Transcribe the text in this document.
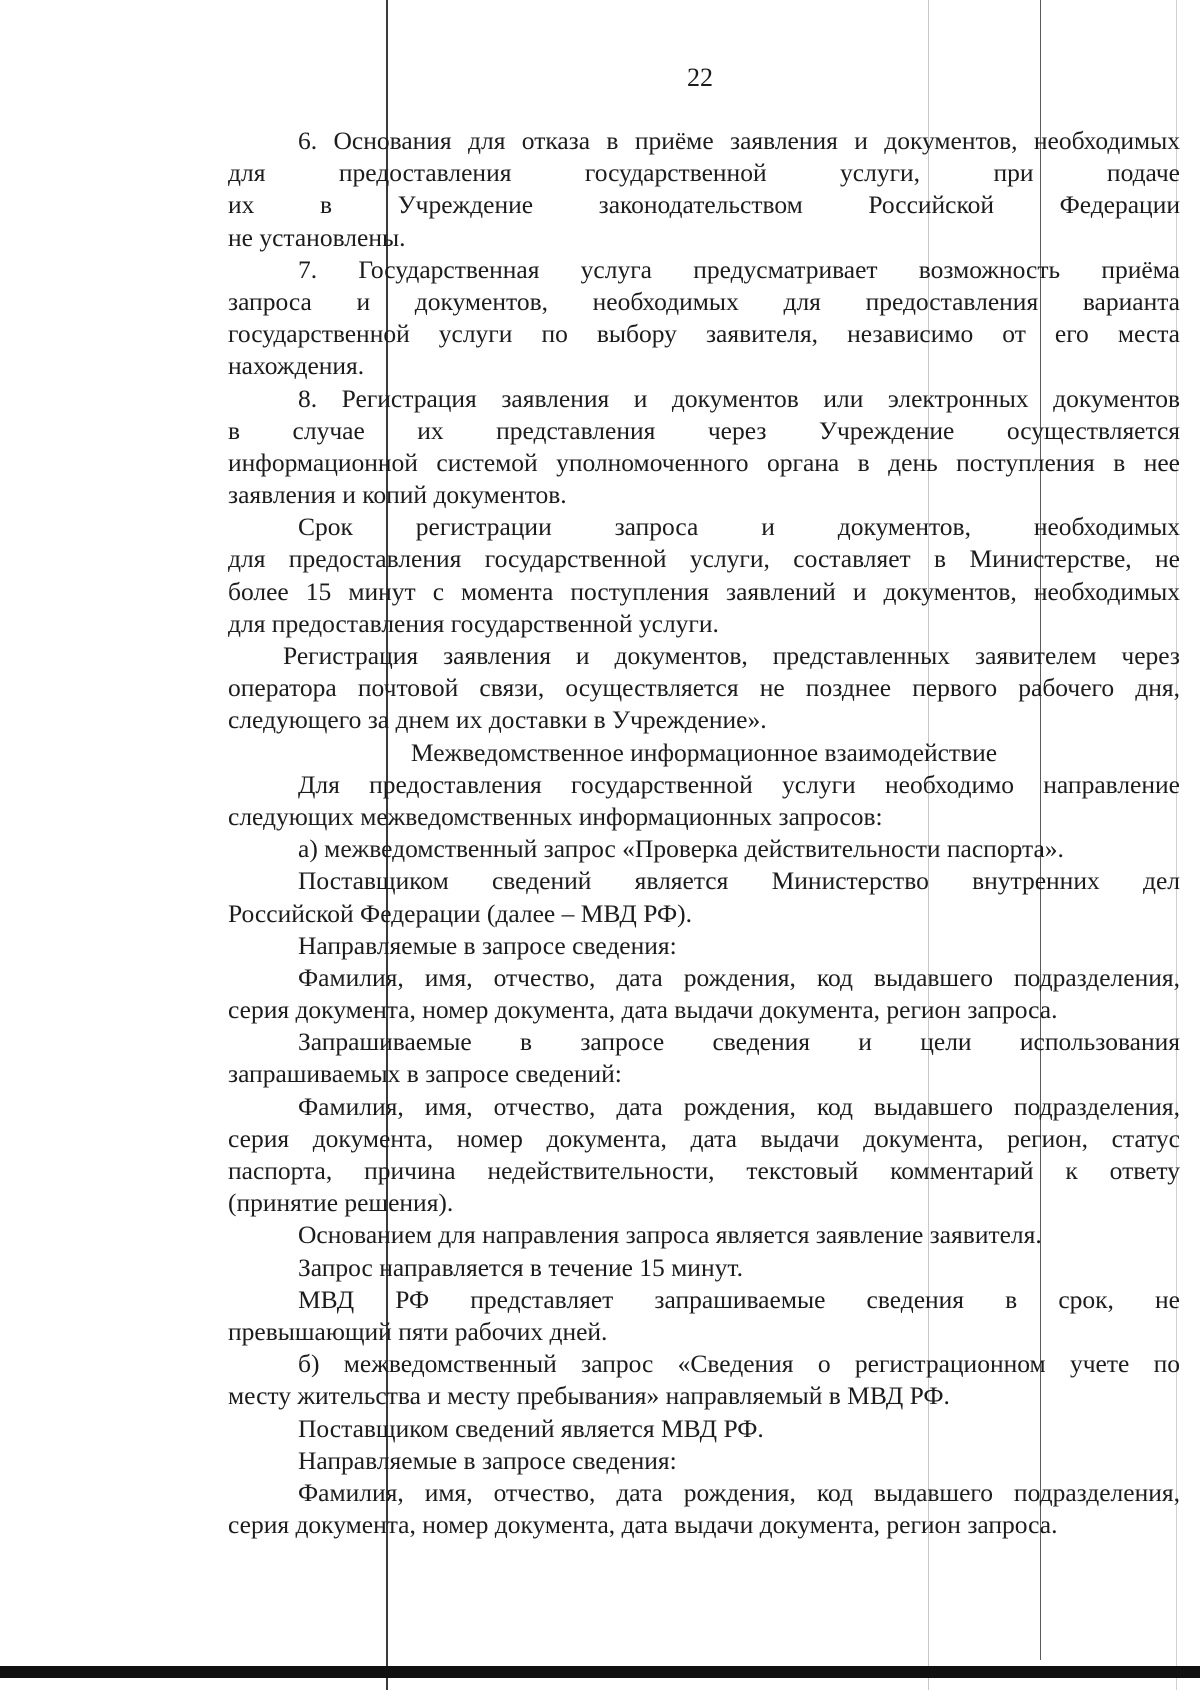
22
6. Основания для отказа в приёме заявления и документов, необходимых
для предоставления государственной услуги, при подаче
их в Учреждение законодательством Российской Федерации
не установлены.
7. Государственная услуга предусматривает возможность приёма
запроса и документов, необходимых для предоставления варианта
государственной услуги по выбору заявителя, независимо от его места
нахождения.
8. Регистрация заявления и документов или электронных документов
в случае их представления через Учреждение осуществляется
информационной системой уполномоченного органа в день поступления в нее
заявления и копий документов.
Срок регистрации запроса и документов, необходимых
для предоставления государственной услуги, составляет в Министерстве, не
более 15 минут с момента поступления заявлений и документов, необходимых
для предоставления государственной услуги.
Регистрация заявления и документов, представленных заявителем через
оператора почтовой связи, осуществляется не позднее первого рабочего дня,
следующего за днем их доставки в Учреждение».
Межведомственное информационное взаимодействие
Для предоставления государственной услуги необходимо направление
следующих межведомственных информационных запросов:
а) межведомственный запрос «Проверка действительности паспорта».
Поставщиком сведений является Министерство внутренних дел
Российской Федерации (далее – МВД РФ).
Направляемые в запросе сведения:
Фамилия, имя, отчество, дата рождения, код выдавшего подразделения,
серия документа, номер документа, дата выдачи документа, регион запроса.
Запрашиваемые в запросе сведения и цели использования
запрашиваемых в запросе сведений:
Фамилия, имя, отчество, дата рождения, код выдавшего подразделения,
серия документа, номер документа, дата выдачи документа, регион, статус
паспорта, причина недействительности, текстовый комментарий к ответу
(принятие решения).
Основанием для направления запроса является заявление заявителя.
Запрос направляется в течение 15 минут.
МВД РФ представляет запрашиваемые сведения в срок, не
превышающий пяти рабочих дней.
б) межведомственный запрос «Сведения о регистрационном учете по
месту жительства и месту пребывания» направляемый в МВД РФ.
Поставщиком сведений является МВД РФ.
Направляемые в запросе сведения:
Фамилия, имя, отчество, дата рождения, код выдавшего подразделения,
серия документа, номер документа, дата выдачи документа, регион запроса.
